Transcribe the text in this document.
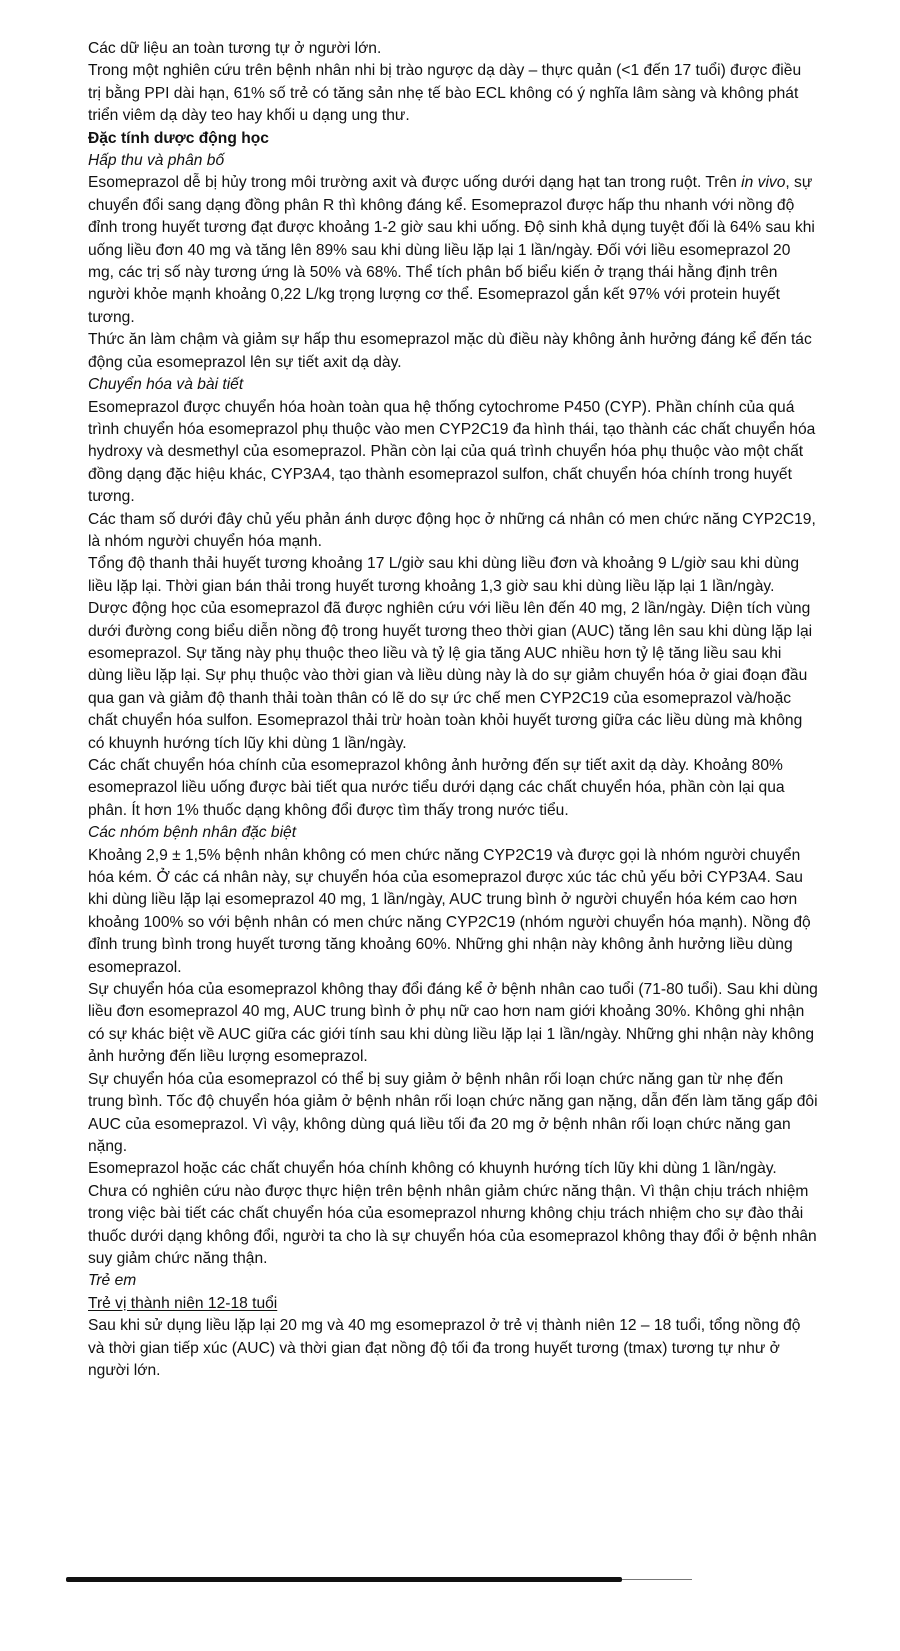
Các dữ liệu an toàn tương tự ở người lớn.

Trong một nghiên cứu trên bệnh nhân nhi bị trào ngược dạ dày – thực quản (<1 đến 17 tuổi) được điều trị bằng PPI dài hạn, 61% số trẻ có tăng sản nhẹ tế bào ECL không có ý nghĩa lâm sàng và không phát triển viêm dạ dày teo hay khối u dạng ung thư.

Đặc tính dược động học

Hấp thu và phân bố

Esomeprazol dễ bị hủy trong môi trường axit và được uống dưới dạng hạt tan trong ruột. Trên in vivo, sự chuyển đổi sang dạng đồng phân R thì không đáng kể. Esomeprazol được hấp thu nhanh với nồng độ đỉnh trong huyết tương đạt được khoảng 1-2 giờ sau khi uống. Độ sinh khả dụng tuyệt đối là 64% sau khi uống liều đơn 40 mg và tăng lên 89% sau khi dùng liều lặp lại 1 lần/ngày. Đối với liều esomeprazol 20 mg, các trị số này tương ứng là 50% và 68%. Thể tích phân bố biểu kiến ở trạng thái hằng định trên người khỏe mạnh khoảng 0,22 L/kg trọng lượng cơ thể. Esomeprazol gắn kết 97% với protein huyết tương.

Thức ăn làm chậm và giảm sự hấp thu esomeprazol mặc dù điều này không ảnh hưởng đáng kể đến tác động của esomeprazol lên sự tiết axit dạ dày.

Chuyển hóa và bài tiết

Esomeprazol được chuyển hóa hoàn toàn qua hệ thống cytochrome P450 (CYP). Phần chính của quá trình chuyển hóa esomeprazol phụ thuộc vào men CYP2C19 đa hình thái, tạo thành các chất chuyển hóa hydroxy và desmethyl của esomeprazol. Phần còn lại của quá trình chuyển hóa phụ thuộc vào một chất đồng dạng đặc hiệu khác, CYP3A4, tạo thành esomeprazol sulfon, chất chuyển hóa chính trong huyết tương.

Các tham số dưới đây chủ yếu phản ánh dược động học ở những cá nhân có men chức năng CYP2C19, là nhóm người chuyển hóa mạnh.

Tổng độ thanh thải huyết tương khoảng 17 L/giờ sau khi dùng liều đơn và khoảng 9 L/giờ sau khi dùng liều lặp lại. Thời gian bán thải trong huyết tương khoảng 1,3 giờ sau khi dùng liều lặp lại 1 lần/ngày. Dược động học của esomeprazol đã được nghiên cứu với liều lên đến 40 mg, 2 lần/ngày. Diện tích vùng dưới đường cong biểu diễn nồng độ trong huyết tương theo thời gian (AUC) tăng lên sau khi dùng lặp lại esomeprazol. Sự tăng này phụ thuộc theo liều và tỷ lệ gia tăng AUC nhiều hơn tỷ lệ tăng liều sau khi dùng liều lặp lại. Sự phụ thuộc vào thời gian và liều dùng này là do sự giảm chuyển hóa ở giai đoạn đầu qua gan và giảm độ thanh thải toàn thân có lẽ do sự ức chế men CYP2C19 của esomeprazol và/hoặc chất chuyển hóa sulfon. Esomeprazol thải trừ hoàn toàn khỏi huyết tương giữa các liều dùng mà không có khuynh hướng tích lũy khi dùng 1 lần/ngày.

Các chất chuyển hóa chính của esomeprazol không ảnh hưởng đến sự tiết axit dạ dày. Khoảng 80% esomeprazol liều uống được bài tiết qua nước tiểu dưới dạng các chất chuyển hóa, phần còn lại qua phân. Ít hơn 1% thuốc dạng không đổi được tìm thấy trong nước tiểu.

Các nhóm bệnh nhân đặc biệt

Khoảng 2,9 ± 1,5% bệnh nhân không có men chức năng CYP2C19 và được gọi là nhóm người chuyển hóa kém. Ở các cá nhân này, sự chuyển hóa của esomeprazol được xúc tác chủ yếu bởi CYP3A4. Sau khi dùng liều lặp lại esomeprazol 40 mg, 1 lần/ngày, AUC trung bình ở người chuyển hóa kém cao hơn khoảng 100% so với bệnh nhân có men chức năng CYP2C19 (nhóm người chuyển hóa mạnh). Nồng độ đỉnh trung bình trong huyết tương tăng khoảng 60%. Những ghi nhận này không ảnh hưởng liều dùng esomeprazol.

Sự chuyển hóa của esomeprazol không thay đổi đáng kể ở bệnh nhân cao tuổi (71-80 tuổi). Sau khi dùng liều đơn esomeprazol 40 mg, AUC trung bình ở phụ nữ cao hơn nam giới khoảng 30%. Không ghi nhận có sự khác biệt về AUC giữa các giới tính sau khi dùng liều lặp lại 1 lần/ngày. Những ghi nhận này không ảnh hưởng đến liều lượng esomeprazol.

Sự chuyển hóa của esomeprazol có thể bị suy giảm ở bệnh nhân rối loạn chức năng gan từ nhẹ đến trung bình. Tốc độ chuyển hóa giảm ở bệnh nhân rối loạn chức năng gan nặng, dẫn đến làm tăng gấp đôi AUC của esomeprazol. Vì vậy, không dùng quá liều tối đa 20 mg ở bệnh nhân rối loạn chức năng gan nặng.

Esomeprazol hoặc các chất chuyển hóa chính không có khuynh hướng tích lũy khi dùng 1 lần/ngày.

Chưa có nghiên cứu nào được thực hiện trên bệnh nhân giảm chức năng thận. Vì thận chịu trách nhiệm trong việc bài tiết các chất chuyển hóa của esomeprazol nhưng không chịu trách nhiệm cho sự đào thải thuốc dưới dạng không đổi, người ta cho là sự chuyển hóa của esomeprazol không thay đổi ở bệnh nhân suy giảm chức năng thận.

Trẻ em

Trẻ vị thành niên 12-18 tuổi

Sau khi sử dụng liều lặp lại 20 mg và 40 mg esomeprazol ở trẻ vị thành niên 12 – 18 tuổi, tổng nồng độ và thời gian tiếp xúc (AUC) và thời gian đạt nồng độ tối đa trong huyết tương (tmax) tương tự như ở người lớn.
